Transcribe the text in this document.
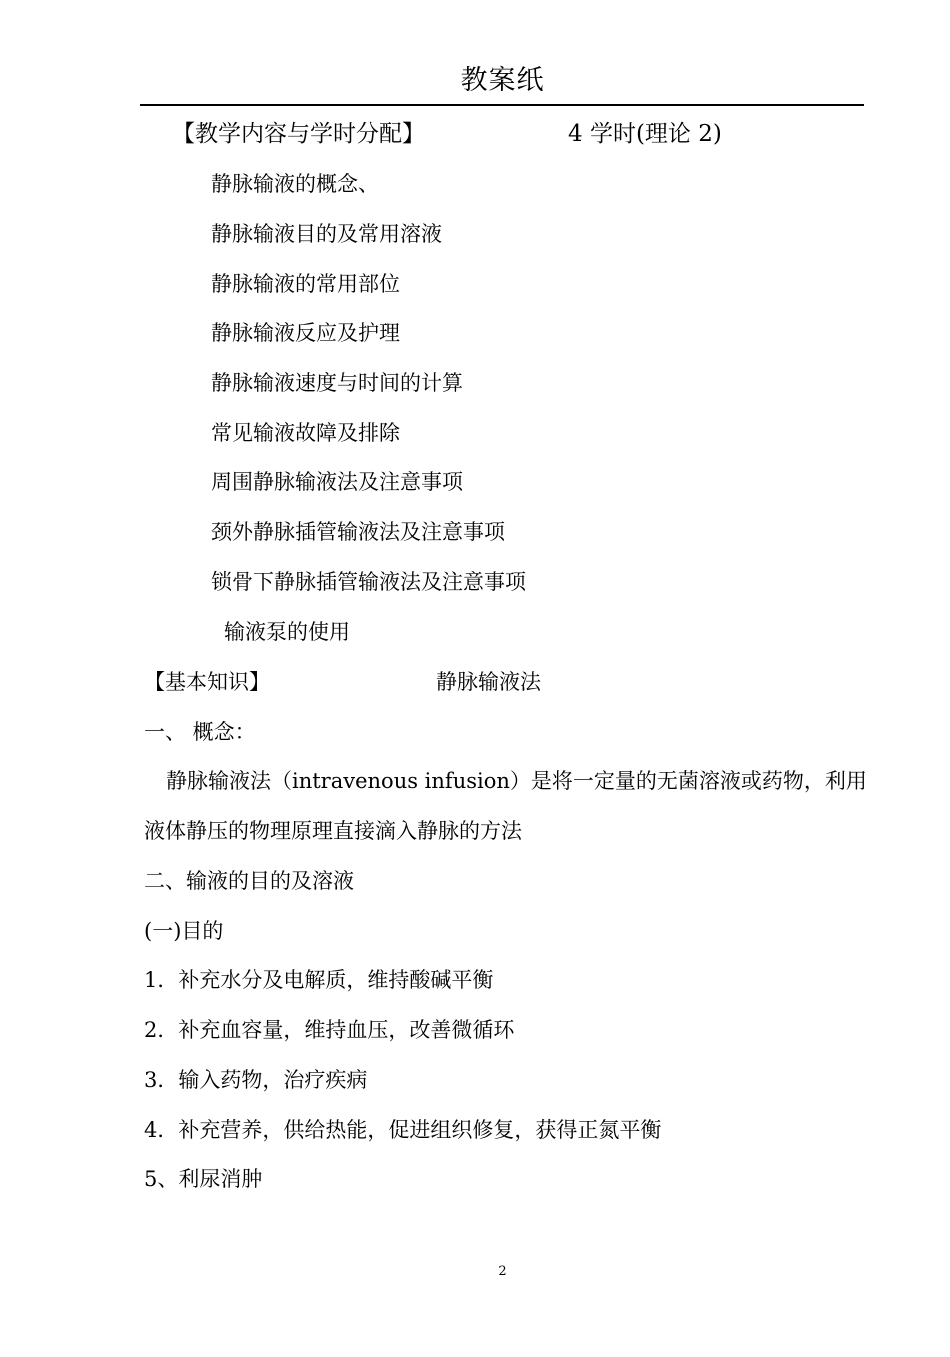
教案纸
【教学内容与学时分配】	4 学时(理论 2)
静脉输液的概念、
静脉输液目的及常用溶液
静脉输液的常用部位
静脉输液反应及护理
静脉输液速度与时间的计算
常见输液故障及排除
周围静脉输液法及注意事项
颈外静脉插管输液法及注意事项
锁骨下静脉插管输液法及注意事项
输液泵的使用
【基本知识】	静脉输液法
一、 概念：
静脉输液法（intravenous infusion）是将一定量的无菌溶液或药物，利用
液体静压的物理原理直接滴入静脉的方法
二、输液的目的及溶液
(一)目的
1．补充水分及电解质，维持酸碱平衡
2．补充血容量，维持血压，改善微循环
3．输入药物，治疗疾病
4．补充营养，供给热能，促进组织修复，获得正氮平衡
5、利尿消肿
2
